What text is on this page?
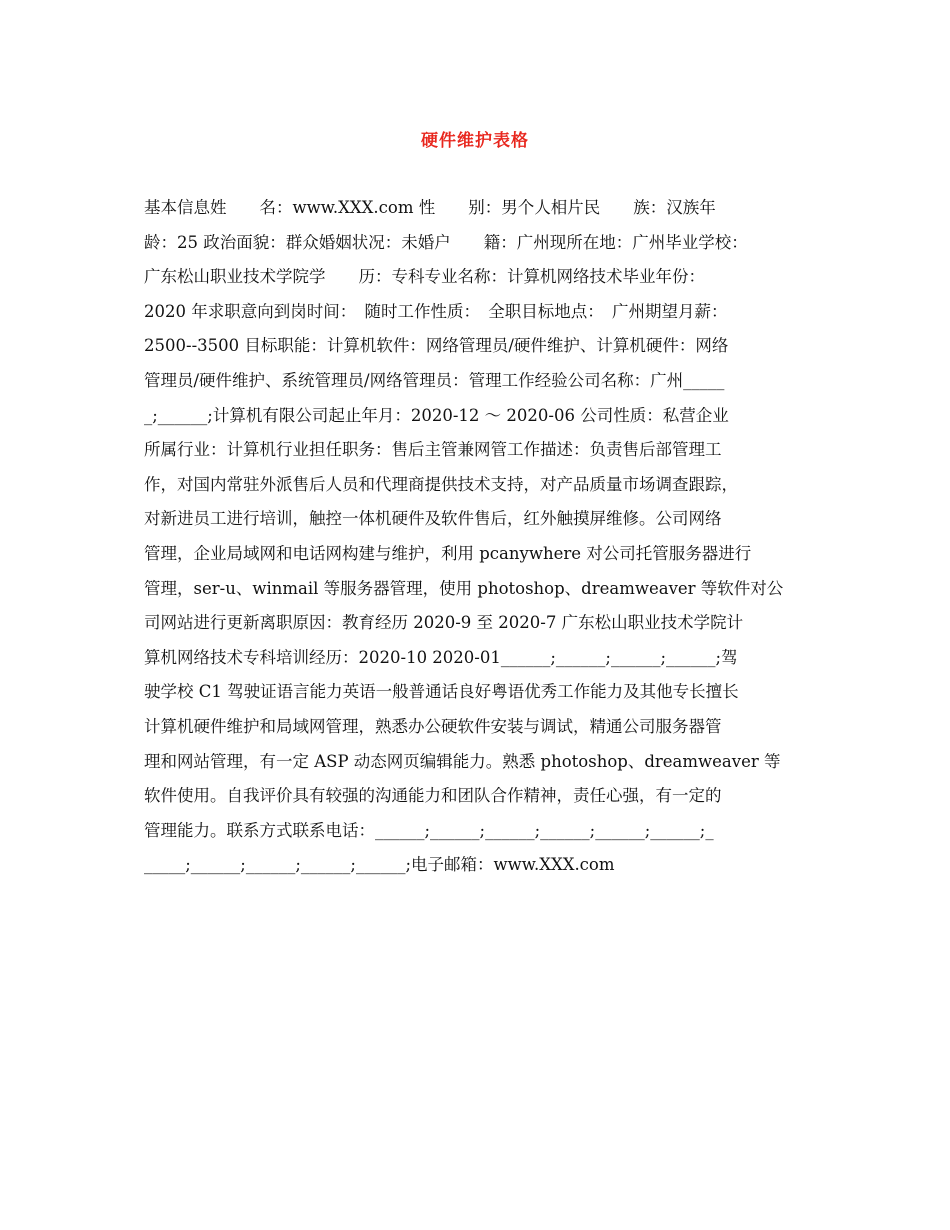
硬件维护表格
基本信息姓　　名：www.XXX.com 性　　别：男个人相片民　　族：汉族年
龄：25 政治面貌：群众婚姻状况：未婚户　　籍：广州现所在地：广州毕业学校：
广东松山职业技术学院学　　历：专科专业名称：计算机网络技术毕业年份：
2020 年求职意向到岗时间：　随时工作性质：　全职目标地点：　广州期望月薪：
2500--3500 目标职能：计算机软件：网络管理员/硬件维护、计算机硬件：网络
管理员/硬件维护、系统管理员/网络管理员：管理工作经验公司名称：广州_____
_;______;计算机有限公司起止年月：2020-12 ～ 2020-06 公司性质：私营企业
所属行业：计算机行业担任职务：售后主管兼网管工作描述：负责售后部管理工
作，对国内常驻外派售后人员和代理商提供技术支持，对产品质量市场调查跟踪，
对新进员工进行培训，触控一体机硬件及软件售后，红外触摸屏维修。公司网络
管理，企业局域网和电话网构建与维护，利用 pcanywhere 对公司托管服务器进行
管理，ser-u、winmail 等服务器管理，使用 photoshop、dreamweaver 等软件对公
司网站进行更新离职原因：教育经历 2020-9 至 2020-7 广东松山职业技术学院计
算机网络技术专科培训经历：2020-10 2020-01______;______;______;______;驾
驶学校 C1 驾驶证语言能力英语一般普通话良好粤语优秀工作能力及其他专长擅长
计算机硬件维护和局域网管理，熟悉办公硬软件安装与调试，精通公司服务器管
理和网站管理，有一定 ASP 动态网页编辑能力。熟悉 photoshop、dreamweaver 等
软件使用。自我评价具有较强的沟通能力和团队合作精神，责任心强，有一定的
管理能力。联系方式联系电话：______;______;______;______;______;______;_
_____;______;______;______;______;电子邮箱：www.XXX.com
